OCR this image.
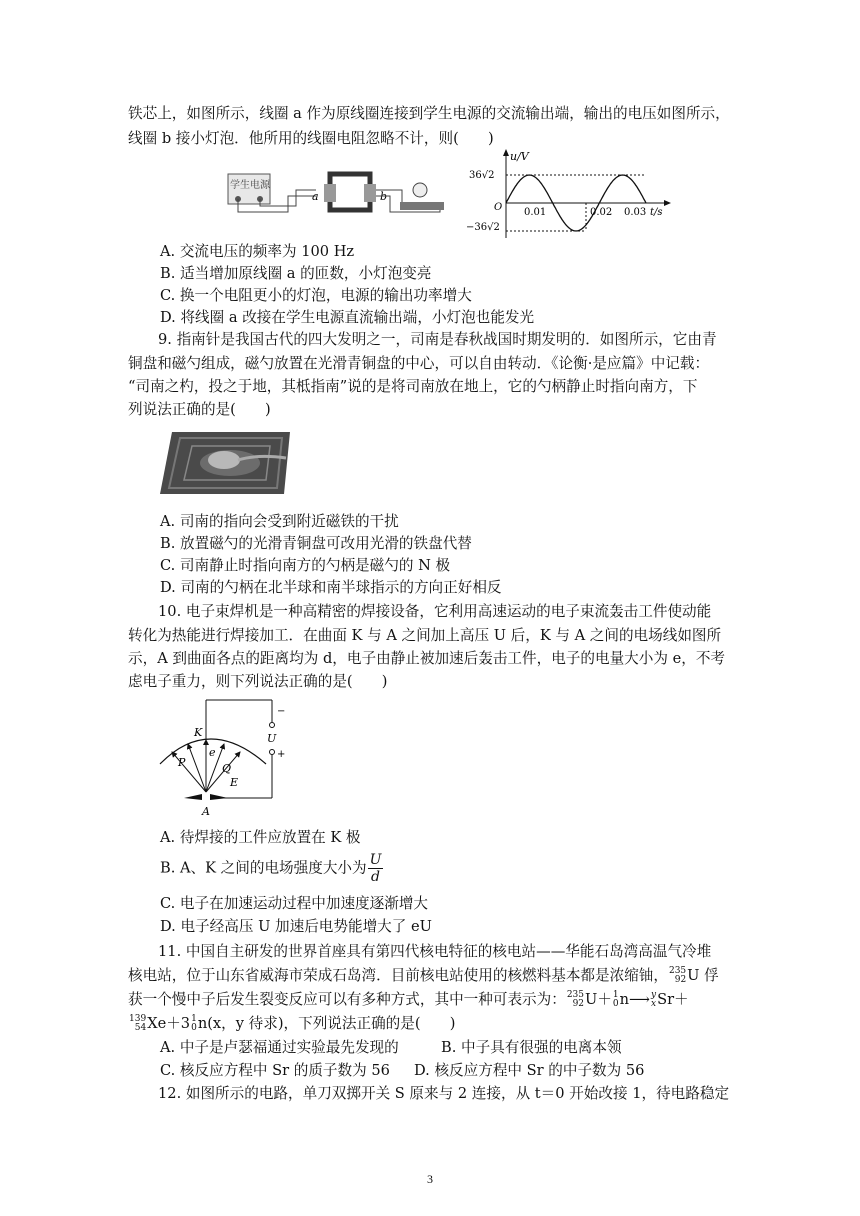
铁芯上，如图所示，线圈 a 作为原线圈连接到学生电源的交流输出端，输出的电压如图所示，
线圈 b 接小灯泡．他所用的线圈电阻忽略不计，则(　　)
学生电源
a	b
u/V
36√2
−36√2
O 0.01	0.02 0.03 t/s
A. 交流电压的频率为 100 Hz
B. 适当增加原线圈 a 的匝数，小灯泡变亮
C. 换一个电阻更小的灯泡，电源的输出功率增大
D. 将线圈 a 改接在学生电源直流输出端，小灯泡也能发光
9. 指南针是我国古代的四大发明之一，司南是春秋战国时期发明的．如图所示，它由青
铜盘和磁勺组成，磁勺放置在光滑青铜盘的中心，可以自由转动．《论衡·是应篇》中记载：
“司南之杓，投之于地，其柢指南”说的是将司南放在地上，它的勺柄静止时指向南方，下
列说法正确的是(　　)
A. 司南的指向会受到附近磁铁的干扰
B. 放置磁勺的光滑青铜盘可改用光滑的铁盘代替
C. 司南静止时指向南方的勺柄是磁勺的 N 极
D. 司南的勺柄在北半球和南半球指示的方向正好相反
10. 电子束焊机是一种高精密的焊接设备，它利用高速运动的电子束流轰击工件使动能
转化为热能进行焊接加工．在曲面 K 与 A 之间加上高压 U 后，K 与 A 之间的电场线如图所
示，A 到曲面各点的距离均为 d，电子由静止被加速后轰击工件，电子的电量大小为 e，不考
虑电子重力，则下列说法正确的是(　　)
−
U
+
K
P
e
Q
E
A
A. 待焊接的工件应放置在 K 极
B. A、K 之间的电场强度大小为 $\frac{U}{d}$
C. 电子在加速运动过程中加速度逐渐增大
D. 电子经高压 U 加速后电势能增大了 eU
11. 中国自主研发的世界首座具有第四代核电特征的核电站——华能石岛湾高温气冷堆
核电站，位于山东省威海市荣成石岛湾．目前核电站使用的核燃料基本都是浓缩铀， 235
92 U 俘
获一个慢中子后发生裂变反应可以有多种方式，其中一种可表示为： 235
92 U＋ 1
0 n⟶ y
x Sr＋
139
54 Xe＋3 1
0 n(x，y 待求)，下列说法正确的是(　　)
A. 中子是卢瑟福通过实验最先发现的	B. 中子具有很强的电离本领
C. 核反应方程中 Sr 的质子数为 56 D. 核反应方程中 Sr 的中子数为 56
12. 如图所示的电路，单刀双掷开关 S 原来与 2 连接，从 t＝0 开始改接 1，待电路稳定
3
